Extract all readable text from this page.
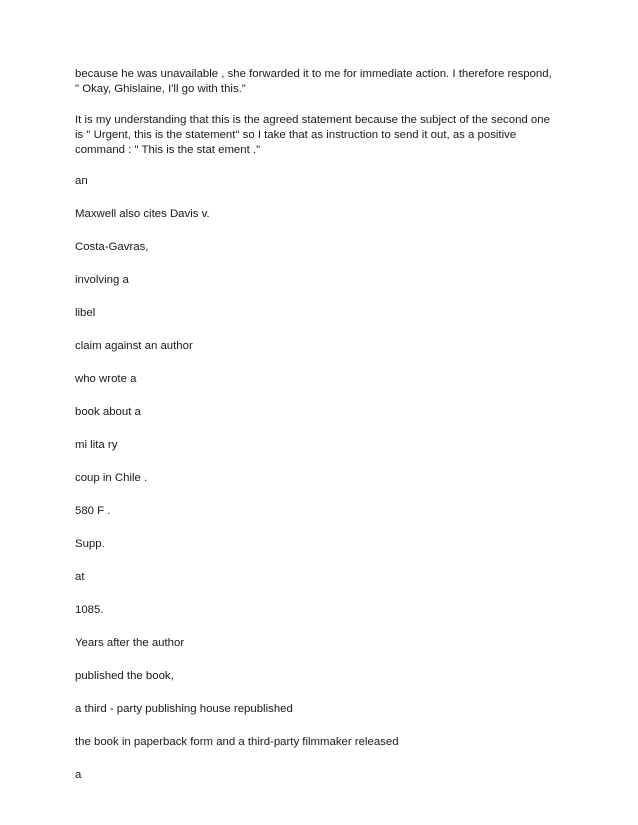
because he was unavailable , she forwarded it to me for immediate action. I therefore respond,
" Okay, Ghislaine, I'll go with this."

It is my understanding that this is the agreed statement because the subject of the second one
is " Urgent, this is the statement" so I take that as instruction to send it out, as a positive
command : " This is the stat ement ."

an
Maxwell also cites Davis v.
Costa-Gavras,
involving a
libel
claim against an author
who wrote a
book about a
mi lita ry
coup in Chile .
580 F .
Supp.
at
1085.
Years after the author
published the book,
a third - party publishing house republished
the book in paperback form and a third-party filmmaker released
a
